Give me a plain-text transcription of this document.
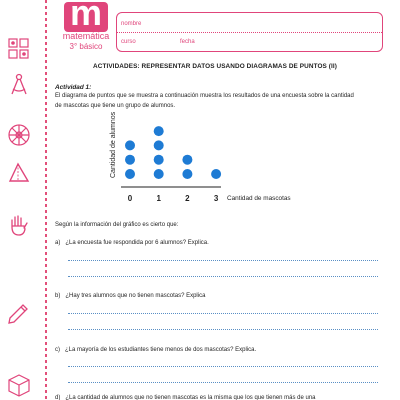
m
matemática
3° básico
nombre
curso	fecha
ACTIVIDADES: REPRESENTAR DATOS USANDO DIAGRAMAS DE PUNTOS (II)
Actividad 1:
El diagrama de puntos que se muestra a continuación muestra los resultados de una encuesta sobre la cantidad de mascotas que tiene un grupo de alumnos.
Cantidad de alumnos
Cantidad de mascotas
0	1	2	3
Según la información del gráfico es cierto que:
a) ¿La encuesta fue respondida por 6 alumnos? Explica.
b) ¿Hay tres alumnos que no tienen mascotas? Explica
c) ¿La mayoría de los estudiantes tiene menos de dos mascotas? Explica.
d) ¿La cantidad de alumnos que no tienen mascotas es la misma que los que tienen más de una
